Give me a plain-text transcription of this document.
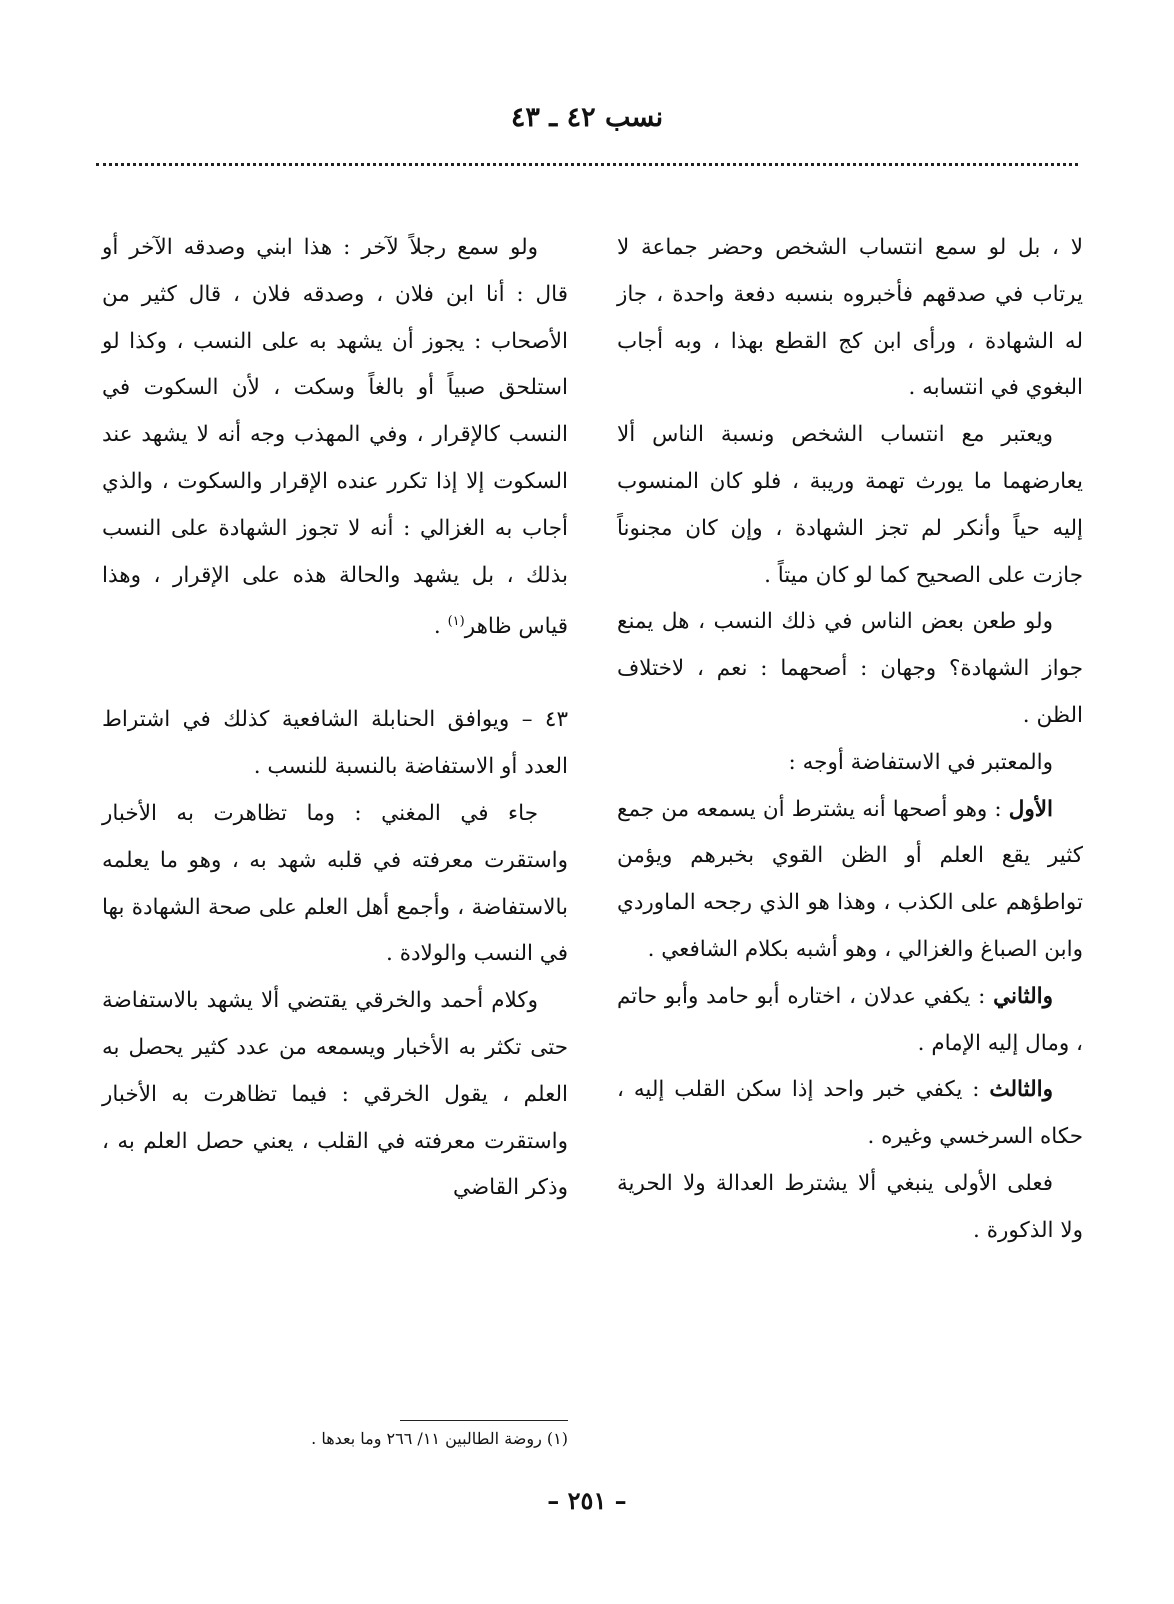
نسب ٤٢ ـ ٤٣

لا ، بل لو سمع انتساب الشخص وحضر جماعة لا يرتاب في صدقهم فأخبروه بنسبه دفعة واحدة ، جاز له الشهادة ، ورأى ابن كج القطع بهذا ، وبه أجاب البغوي في انتسابه .

ويعتبر مع انتساب الشخص ونسبة الناس ألا يعارضهما ما يورث تهمة وريبة ، فلو كان المنسوب إليه حياً وأنكر لم تجز الشهادة ، وإن كان مجنوناً جازت على الصحيح كما لو كان ميتاً .

ولو طعن بعض الناس في ذلك النسب ، هل يمنع جواز الشهادة؟ وجهان : أصحهما : نعم ، لاختلاف الظن .

والمعتبر في الاستفاضة أوجه :

الأول : وهو أصحها أنه يشترط أن يسمعه من جمع كثير يقع العلم أو الظن القوي بخبرهم ويؤمن تواطؤهم على الكذب ، وهذا هو الذي رجحه الماوردي وابن الصباغ والغزالي ، وهو أشبه بكلام الشافعي .

والثاني : يكفي عدلان ، اختاره أبو حامد وأبو حاتم ، ومال إليه الإمام .

والثالث : يكفي خبر واحد إذا سكن القلب إليه ، حكاه السرخسي وغيره .

فعلى الأولى ينبغي ألا يشترط العدالة ولا الحرية ولا الذكورة .

ولو سمع رجلاً لآخر : هذا ابني وصدقه الآخر أو قال : أنا ابن فلان ، وصدقه فلان ، قال كثير من الأصحاب : يجوز أن يشهد به على النسب ، وكذا لو استلحق صبياً أو بالغاً وسكت ، لأن السكوت في النسب كالإقرار ، وفي المهذب وجه أنه لا يشهد عند السكوت إلا إذا تكرر عنده الإقرار والسكوت ، والذي أجاب به الغزالي : أنه لا تجوز الشهادة على النسب بذلك ، بل يشهد والحالة هذه على الإقرار ، وهذا قياس ظاهر$^{(١)}$ .

٤٣ – ويوافق الحنابلة الشافعية كذلك في اشتراط العدد أو الاستفاضة بالنسبة للنسب .

جاء في المغني : وما تظاهرت به الأخبار واستقرت معرفته في قلبه شهد به ، وهو ما يعلمه بالاستفاضة ، وأجمع أهل العلم على صحة الشهادة بها في النسب والولادة .

وكلام أحمد والخرقي يقتضي ألا يشهد بالاستفاضة حتى تكثر به الأخبار ويسمعه من عدد كثير يحصل به العلم ، يقول الخرقي : فيما تظاهرت به الأخبار واستقرت معرفته في القلب ، يعني حصل العلم به ، وذكر القاضي

(١) روضة الطالبين ١١/ ٢٦٦ وما بعدها .
– ٢٥١ –
